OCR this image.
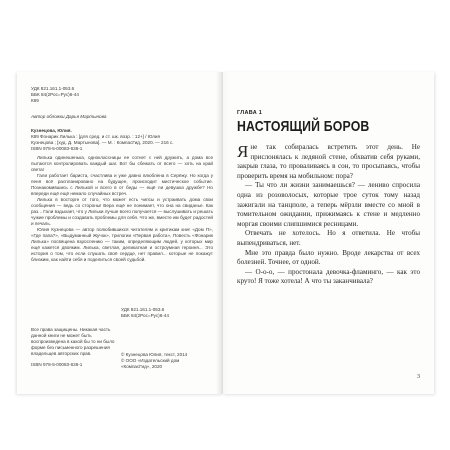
УДК 821.161.1-053.6

ББК 84(2Рос=Рус)6-44

К89

Автор обложки Дарья Мартынова

Кузнецова, Юлия.

К89 Фонарик Лилька : [для сред. и ст. шк. возр. : 12+] / Юлия

Кузнецова ; [худ. Д. Мартынова]. — М. : КомпасГид, 2020. — 216 с.

ISBN 978-5-00083-636-1

Лилька одинешенька, одноклассницы ее сотнет с ней дружить, а дома все пытаются контролировать каждый шаг. Вот бы сбежать от всего — хоть на край света!

Гали работает бариста, счастлива и уже давно влюблена в Серёжу. Но когда у пеня всё распланировано на будущее, происходит мистическое событие. Познакомившись с Лилькой и всего в от беды — ещё ли девушка дружбе? Но впереди ещё ещё немало случайных встреч.

Лилька в восторге от того, что может есть чипсы и устраивать дома свои сообщения — ведь со стороны! Вера ещё не понимает, что она на свиданье. Как раз... Гали вздыхает, что у Лильки лучше всего получается — выслушивать и решать чужие проблемы и создавать проблемы для себя. Что же, вместе им будет радостей и печаль.

Юлия Кузнецова — автор полюбившихся читателям и критикам книг «Дом П», «Где папа?», «Выдуманный Жучок», трилогии «Первая работа», Повесть «Фонарик Лилька» посвящена взрослению — таким, определяющим людей, у которых мир ещё кажется двояким. Лилька, светлая, деликатная и остроумная героиня... Это история о том, что если слушать своё сердце, нет правил... которые не покажут близким, как найти себя и поделиться своей судьбой.

УДК 821.161.1-053.6

ББК 84(2Рос=Рус)6-44

Все права защищены. Никакая часть данной книги не может быть воспроизведена в какой бы то ни было форме без письменного разрешения владельцев авторских прав.

ISBN 978-5-00083-636-1

© Кузнецова Юлия, текст, 2014

© ООО «Издательский дом

«КомпасГид», 2020

ГЛАВА 1

НАСТОЯЩИЙ БОРОВ

Я не так собиралась встретить этот день. Не прислонялась к ледяной стене, обхватив себя руками, закрыв глаза, то проваливаясь в сон, то просыпаясь, чтобы проверить время на мобильном: пора?

— Ты что ли жизни занимаешься? — лениво спросила одна из розоволосых, которые трое суток тому назад зажигали на танцполе, а теперь мёрзли вместе со мной в томительном ожидании, прижимаясь к стене и медленно моргая своими слипшимися ресницами.

Отвечать не хотелось. Но я ответила. Не чтобы выпендриваться, нет.

Мне это правда было нужно. Вроде лекарства от всех болезней. Точнее, от одной.

— О-о-о, — простонала девочка-фламинго, — как это круто! Я тоже хотела! А что ты заканчивала?

3
